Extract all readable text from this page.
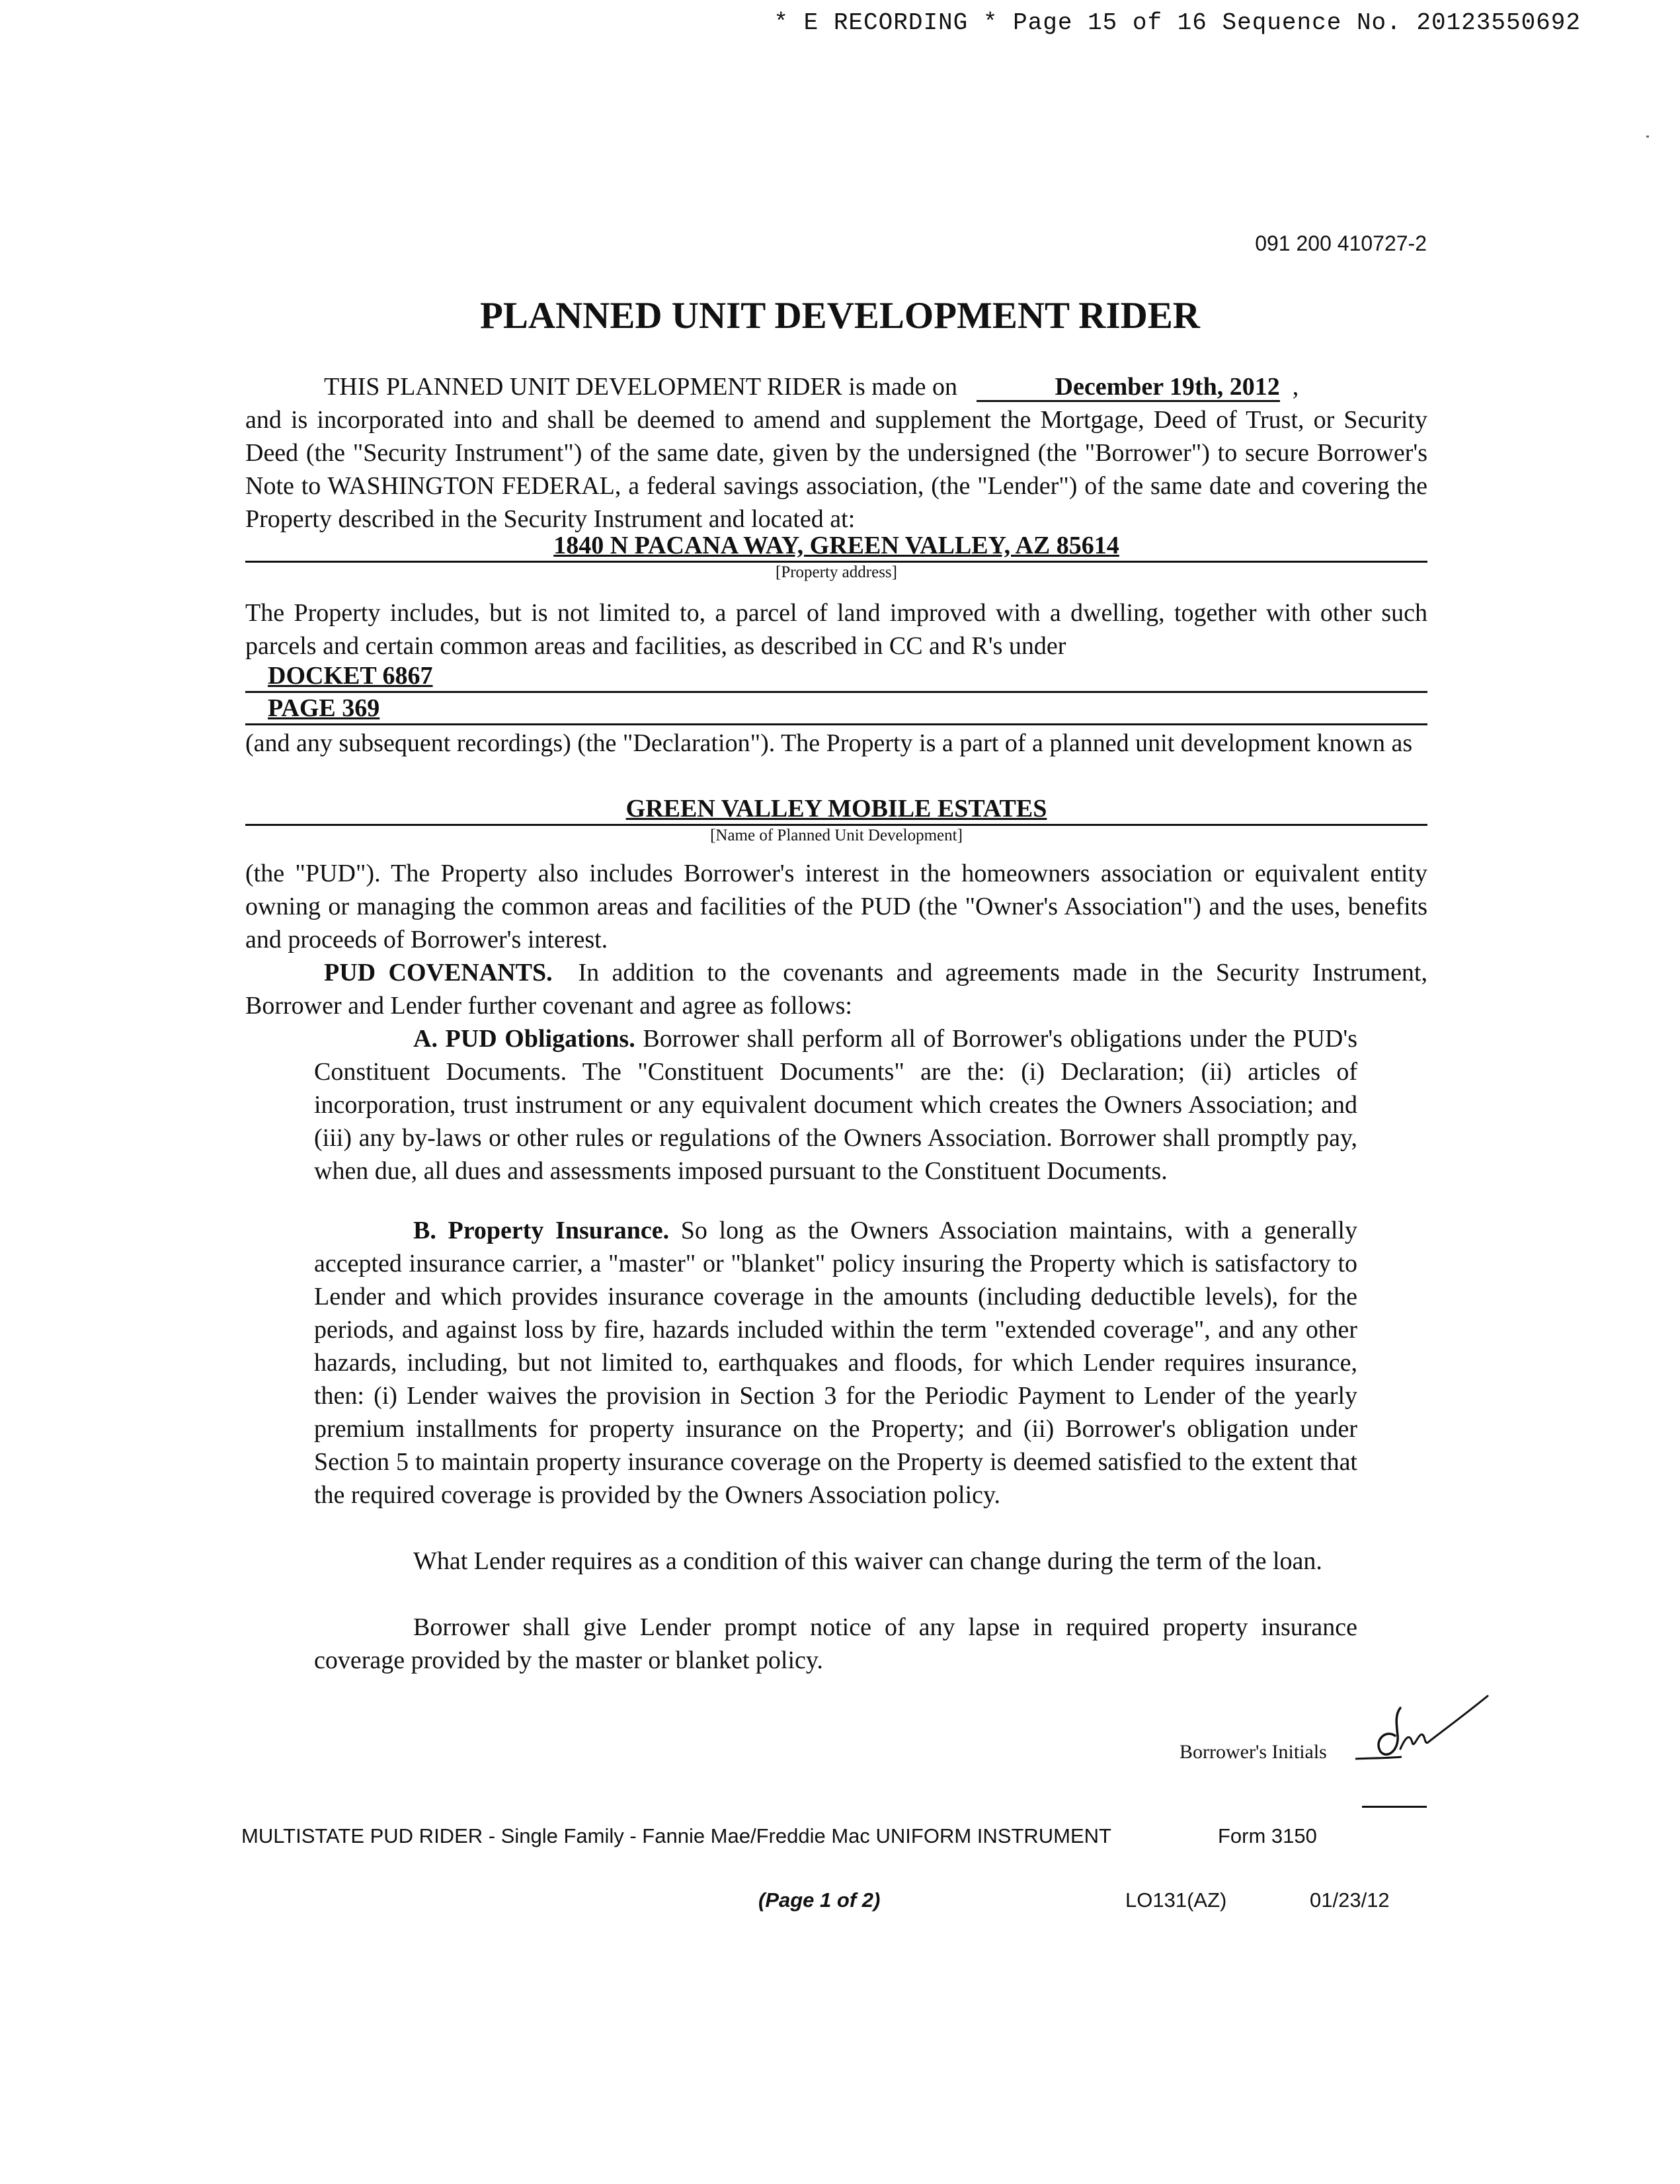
* E RECORDING * Page 15 of 16 Sequence No. 20123550692
091 200 410727-2
PLANNED UNIT DEVELOPMENT RIDER
THIS PLANNED UNIT DEVELOPMENT RIDER is made on	December 19th, 2012 ,
and is incorporated into and shall be deemed to amend and supplement the Mortgage, Deed of Trust, or Security Deed (the "Security Instrument") of the same date, given by the undersigned (the "Borrower") to secure Borrower's Note to WASHINGTON FEDERAL, a federal savings association, (the "Lender") of the same date and covering the Property described in the Security Instrument and located at:
1840 N PACANA WAY, GREEN VALLEY, AZ 85614
[Property address]
The Property includes, but is not limited to, a parcel of land improved with a dwelling, together with other such parcels and certain common areas and facilities, as described in CC and R's under
DOCKET 6867
PAGE 369
(and any subsequent recordings) (the "Declaration"). The Property is a part of a planned unit development known as
GREEN VALLEY MOBILE ESTATES
[Name of Planned Unit Development]
(the "PUD"). The Property also includes Borrower's interest in the homeowners association or equivalent entity owning or managing the common areas and facilities of the PUD (the "Owner's Association") and the uses, benefits and proceeds of Borrower's interest.
PUD COVENANTS. In addition to the covenants and agreements made in the Security Instrument, Borrower and Lender further covenant and agree as follows:
A. PUD Obligations. Borrower shall perform all of Borrower's obligations under the PUD's Constituent Documents. The "Constituent Documents" are the: (i) Declaration; (ii) articles of incorporation, trust instrument or any equivalent document which creates the Owners Association; and (iii) any by-laws or other rules or regulations of the Owners Association. Borrower shall promptly pay, when due, all dues and assessments imposed pursuant to the Constituent Documents.
B. Property Insurance. So long as the Owners Association maintains, with a generally accepted insurance carrier, a "master" or "blanket" policy insuring the Property which is satisfactory to Lender and which provides insurance coverage in the amounts (including deductible levels), for the periods, and against loss by fire, hazards included within the term "extended coverage", and any other hazards, including, but not limited to, earthquakes and floods, for which Lender requires insurance, then: (i) Lender waives the provision in Section 3 for the Periodic Payment to Lender of the yearly premium installments for property insurance on the Property; and (ii) Borrower's obligation under Section 5 to maintain property insurance coverage on the Property is deemed satisfied to the extent that the required coverage is provided by the Owners Association policy.
What Lender requires as a condition of this waiver can change during the term of the loan.
Borrower shall give Lender prompt notice of any lapse in required property insurance coverage provided by the master or blanket policy.
Borrower's Initials
MULTISTATE PUD RIDER - Single Family - Fannie Mae/Freddie Mac UNIFORM INSTRUMENT	Form 3150
(Page 1 of 2)	LO131(AZ)	01/23/12
